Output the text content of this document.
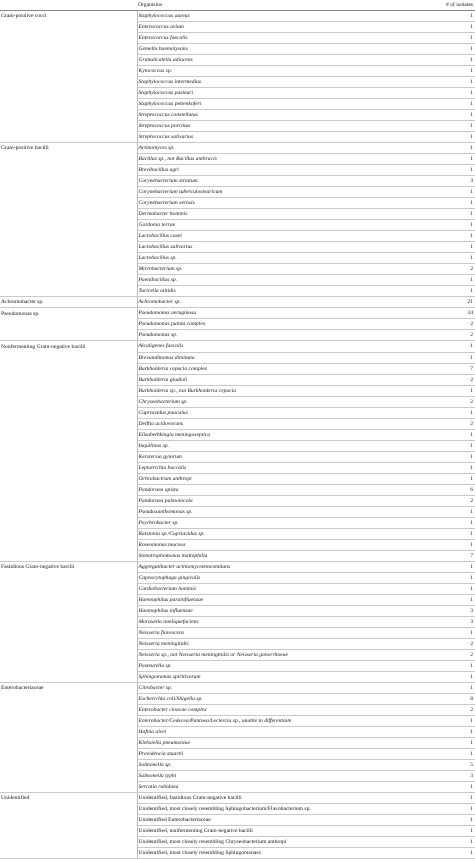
	Organisms	# of isolates
Gram-positive cocci	Staphylococcus aureus	1
	Enterococcus avium	1
	Enterococcus faecalis	1
	Gemella haemolysans	1
	Granulicatella adiacens	1
	Kytococcus sp.	1
	Staphylococcus intermedius	1
	Staphylococcus pasteuri	1
	Staphylococcus pettenkoferi	1
	Streptococcus constellatus	1
	Streptococcus porcinus	1
	Streptococcus salivarius	1
Gram-positive bacilli	Actinomyces sp.	1
	Bacillus sp., not Bacillus anthracis	1
	Brevibacillus agri	1
	Corynebacterium striatum	3
	Corynebacterium tuberculostearicum	1
	Corynebacterium xerosis	1
	Dermabacter hominis	1
	Gordonia terrae	1
	Lactobacillus casei	1
	Lactobacillus salivarius	1
	Lactobacillus sp.	1
	Microbacterium sp.	2
	Paenibacillus sp.	1
	Turicella otitidis	1
Achromobacter sp.	Achromobacter sp.	21
Pseudomonas sp.	Pseudomonas aeruginosa	34
	Pseudomonas putida complex	2
	Pseudomonas sp.	2
Nonfermenting Gram-negative bacilli	Alcaligenes faecalis	1
	Brevundimonas diminuta	1
	Burkholderia cepacia complex	7
	Burkholderia gladioli	2
	Burkholderia sp., not Burkholderia cepacia	1
	Chryseobacterium sp.	2
	Cupriavidus pauculus	1
	Delftia acidovorans	2
	Elizabethkingia meningoseptica	1
	Inquilinus sp.	1
	Kerstersia gyiorum	1
	Leptotrichia buccalis	1
	Ochrobactrum anthropi	1
	Pandoraea apista	6
	Pandoraea pulmonicola	2
	Pseudoxanthomonas sp.	1
	Psychrobacter sp.	1
	Ralstonia sp./Cupriavidus sp.	1
	Roseomonas mucosa	1
	Stenotrophomonas maltophilia	7
Fastidious Gram-negative bacilli	Aggregatibacter actinomycetemcomitans	1
	Capnocytophaga gingivalis	1
	Cardiobacterium hominis	1
	Haemophilus parainfluenzae	1
	Haemophilus influenzae	3
	Moraxella nonliquefaciens	3
	Neisseria flavescens	1
	Neisseria meningitidis	2
	Neisseria sp., not Neisseria meningitidis or Neisseria gonorrhoeae	2
	Pasteurella sp.	1
	Sphingomonas spiritivorum	1
Enterobacteriaceae	Citrobacter sp.	1
	Escherichia coli/Shigella sp.	8
	Enterobacter cloacae complex	2
	Enterobacter/Cedecea/Pantoea/Leclercia sp., unable to differentiate	1
	Hafnia alvei	1
	Klebsiella pneumoniae	1
	Providencia stuartii	1
	Salmonella sp.	5
	Salmonella typhi	3
	Serratia rubidaea	1
Unidentified	Unidentified, fastidious Gram-negative bacilli	1
	Unidentified, most closely resembling Sphingobacterium/Flavobacterium sp.	1
	Unidentified Enterobacteriaceae	1
	Unidentified, nonfermenting Gram-negative bacilli	1
	Unidentified, most closely resembling Chryseobacterium anthropi	1
	Unidentified, most closely resembling Sphingomonass	1
